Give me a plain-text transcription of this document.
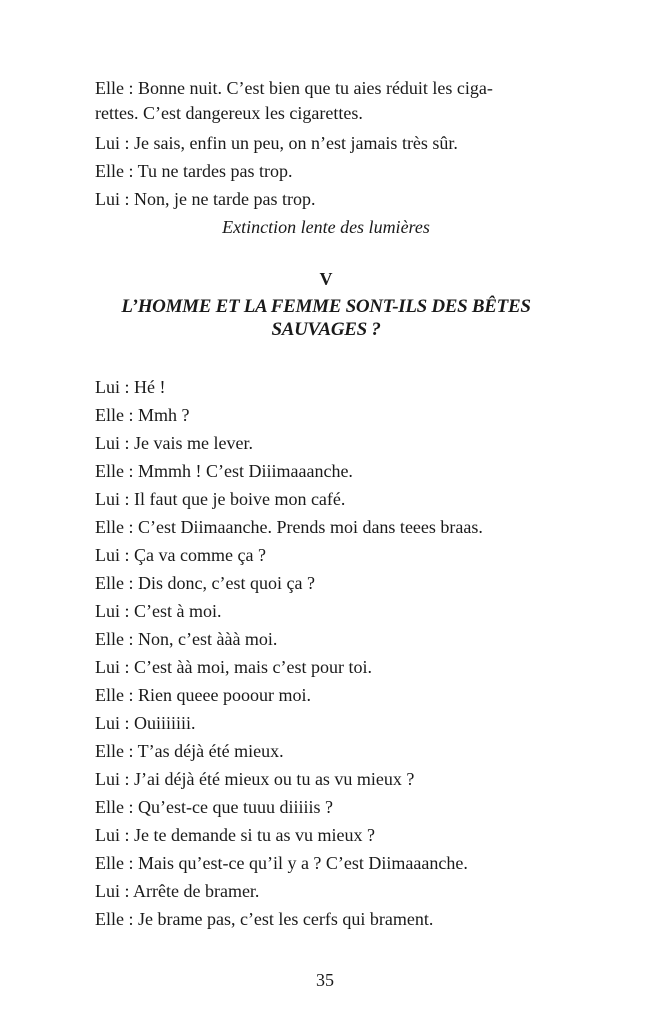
Elle : Bonne nuit. C’est bien que tu aies réduit les ciga-

rettes. C’est dangereux les cigarettes.

Lui : Je sais, enfin un peu, on n’est jamais très sûr.

Elle : Tu ne tardes pas trop.

Lui : Non, je ne tarde pas trop.

Extinction lente des lumières

V

L’HOMME ET LA FEMME SONT-ILS DES BÊTES

SAUVAGES ?

Lui : Hé !

Elle : Mmh ?

Lui : Je vais me lever.

Elle : Mmmh ! C’est Diiimaaanche.

Lui : Il faut que je boive mon café.

Elle : C’est Diimaanche. Prends moi dans teees braas.

Lui : Ça va comme ça ?

Elle : Dis donc, c’est quoi ça ?

Lui : C’est à moi.

Elle : Non, c’est ààà moi.

Lui : C’est àà moi, mais c’est pour toi.

Elle : Rien queee pooour moi.

Lui : Ouiiiiiii.

Elle : T’as déjà été mieux.

Lui : J’ai déjà été mieux ou tu as vu mieux ?

Elle : Qu’est-ce que tuuu diiiiis ?

Lui : Je te demande si tu as vu mieux ?

Elle : Mais qu’est-ce qu’il y a ? C’est Diimaaanche.

Lui : Arrête de bramer.

Elle : Je brame pas, c’est les cerfs qui brament.

35
